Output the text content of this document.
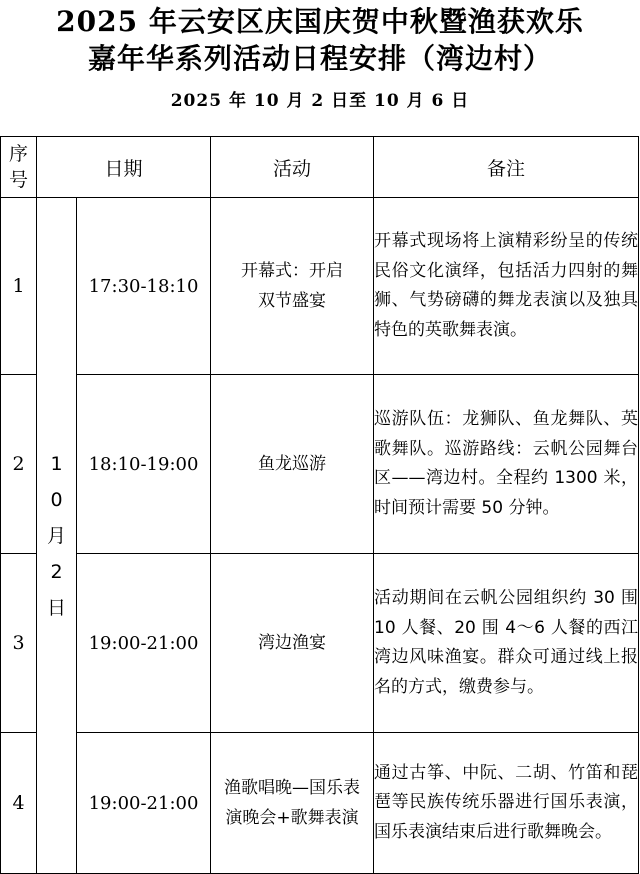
2025 年云安区庆国庆贺中秋暨渔获欢乐
嘉年华系列活动日程安排（湾边村）
2025 年 10 月 2 日至 10 月 6 日
序号	日期		活动	备注
1	10月2日	17:30-18:10	开幕式：开启双节盛宴	开幕式现场将上演精彩纷呈的传统民俗文化演绎，包括活力四射的舞狮、气势磅礴的舞龙表演以及独具特色的英歌舞表演。
2		18:10-19:00	鱼龙巡游	巡游队伍：龙狮队、鱼龙舞队、英歌舞队。巡游路线：云帆公园舞台区——湾边村。全程约 1300 米，时间预计需要 50 分钟。
3		19:00-21:00	湾边渔宴	活动期间在云帆公园组织约 30 围 10 人餐、20 围 4～6 人餐的西江湾边风味渔宴。群众可通过线上报名的方式，缴费参与。
4		19:00-21:00	渔歌唱晚—国乐表演晚会+歌舞表演	通过古筝、中阮、二胡、竹笛和琵琶等民族传统乐器进行国乐表演，国乐表演结束后进行歌舞晚会。
